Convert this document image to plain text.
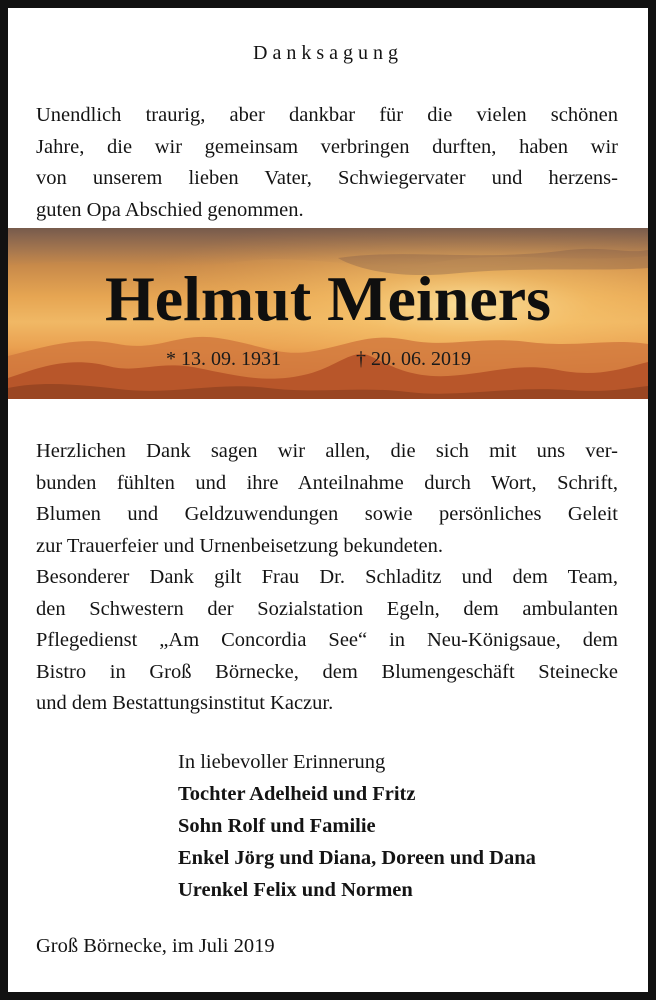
Danksagung
Unendlich traurig, aber dankbar für die vielen schönen
Jahre, die wir gemeinsam verbringen durften, haben wir
von unserem lieben Vater, Schwiegervater und herzens-
guten Opa Abschied genommen.
Helmut Meiners
* 13. 09. 1931	† 20. 06. 2019
Herzlichen Dank sagen wir allen, die sich mit uns ver-
bunden fühlten und ihre Anteilnahme durch Wort, Schrift,
Blumen und Geldzuwendungen sowie persönliches Geleit
zur Trauerfeier und Urnenbeisetzung bekundeten.
Besonderer Dank gilt Frau Dr. Schladitz und dem Team,
den Schwestern der Sozialstation Egeln, dem ambulanten
Pflegedienst „Am Concordia See“ in Neu-Königsaue, dem
Bistro in Groß Börnecke, dem Blumengeschäft Steinecke
und dem Bestattungsinstitut Kaczur.
In liebevoller Erinnerung
Tochter Adelheid und Fritz
Sohn Rolf und Familie
Enkel Jörg und Diana, Doreen und Dana
Urenkel Felix und Normen
Groß Börnecke, im Juli 2019
